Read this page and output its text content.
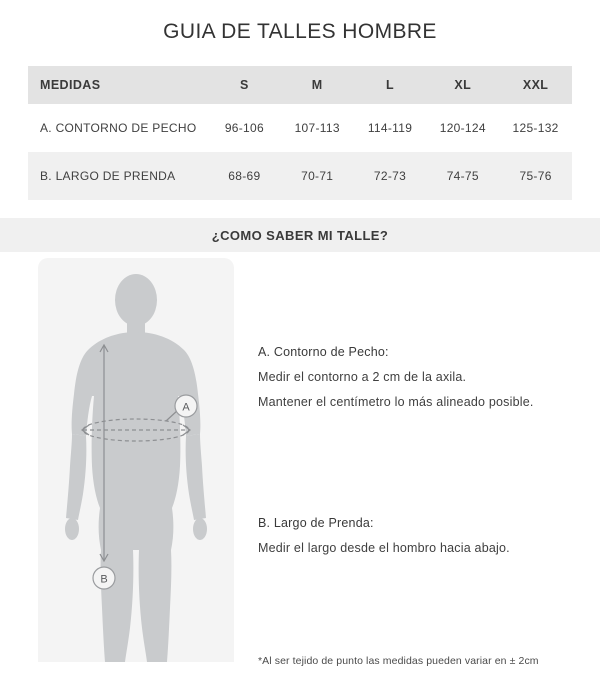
GUIA DE TALLES HOMBRE
MEDIDAS	S	M	L	XL	XXL
A. CONTORNO DE PECHO	96-106	107-113	114-119	120-124	125-132
B. LARGO DE PRENDA	68-69	70-71	72-73	74-75	75-76
¿COMO SABER MI TALLE?
A
B
A. Contorno de Pecho:
Medir el contorno a 2 cm de la axila.
Mantener el centímetro lo más alineado posible.
B. Largo de Prenda:
Medir el largo desde el hombro hacia abajo.
*Al ser tejido de punto las medidas pueden variar en ± 2cm
